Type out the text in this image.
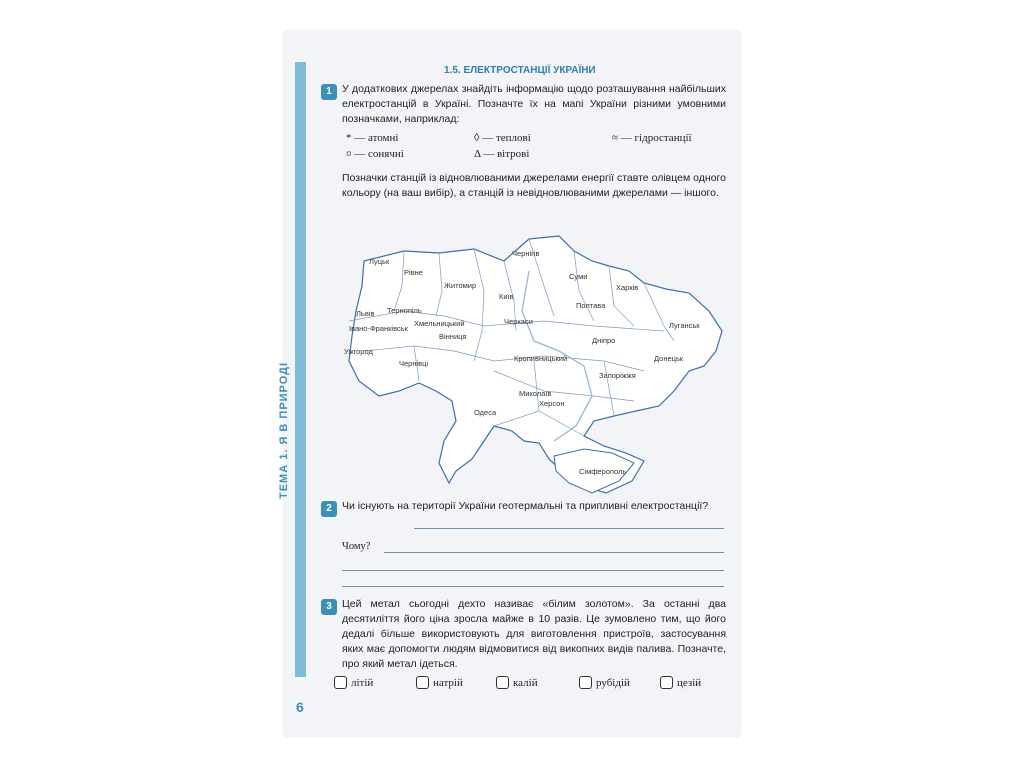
ТЕМА 1. Я В ПРИРОДІ
6
1.5. ЕЛЕКТРОСТАНЦІЇ УКРАЇНИ
1 У додаткових джерелах знайдіть інформацію щодо розташування найбільших електростанцій в Україні. Позначте їх на мапі України різними умовними позначками, наприклад:
* — атомні	◊ — теплові	≈ — гідростанції
¤ — сонячні	Δ — вітрові
Позначки станцій із відновлюваними джерелами енергії ставте олівцем одного кольору (на ваш вибір), а станцій із невідновлюваними джерелами — іншого.
Луцьк
Рівне
Житомир
Чернігів
Суми
Харків
Львів Тернопіль
Хмельницький
Київ
Полтава
Луганськ
Івано-Франківськ
Черкаси
Вінниця	Дніпро
Ужгород
Чернівці
Кропивницький	Донецьк
Запоріжжя
Миколаїв
Херсон
Одеса
Сімферополь
2 Чи існують на території України геотермальні та припливні електростанції?
Чому?
3 Цей метал сьогодні дехто називає «білим золотом». За останні два десятиліття його ціна зросла майже в 10 разів. Це зумовлено тим, що його дедалі більше використовують для виготовлення пристроїв, застосування яких має допомогти людям відмовитися від викопних видів палива. Позначте, про який метал ідеться.
літій	натрій	калій	рубідій	цезій
